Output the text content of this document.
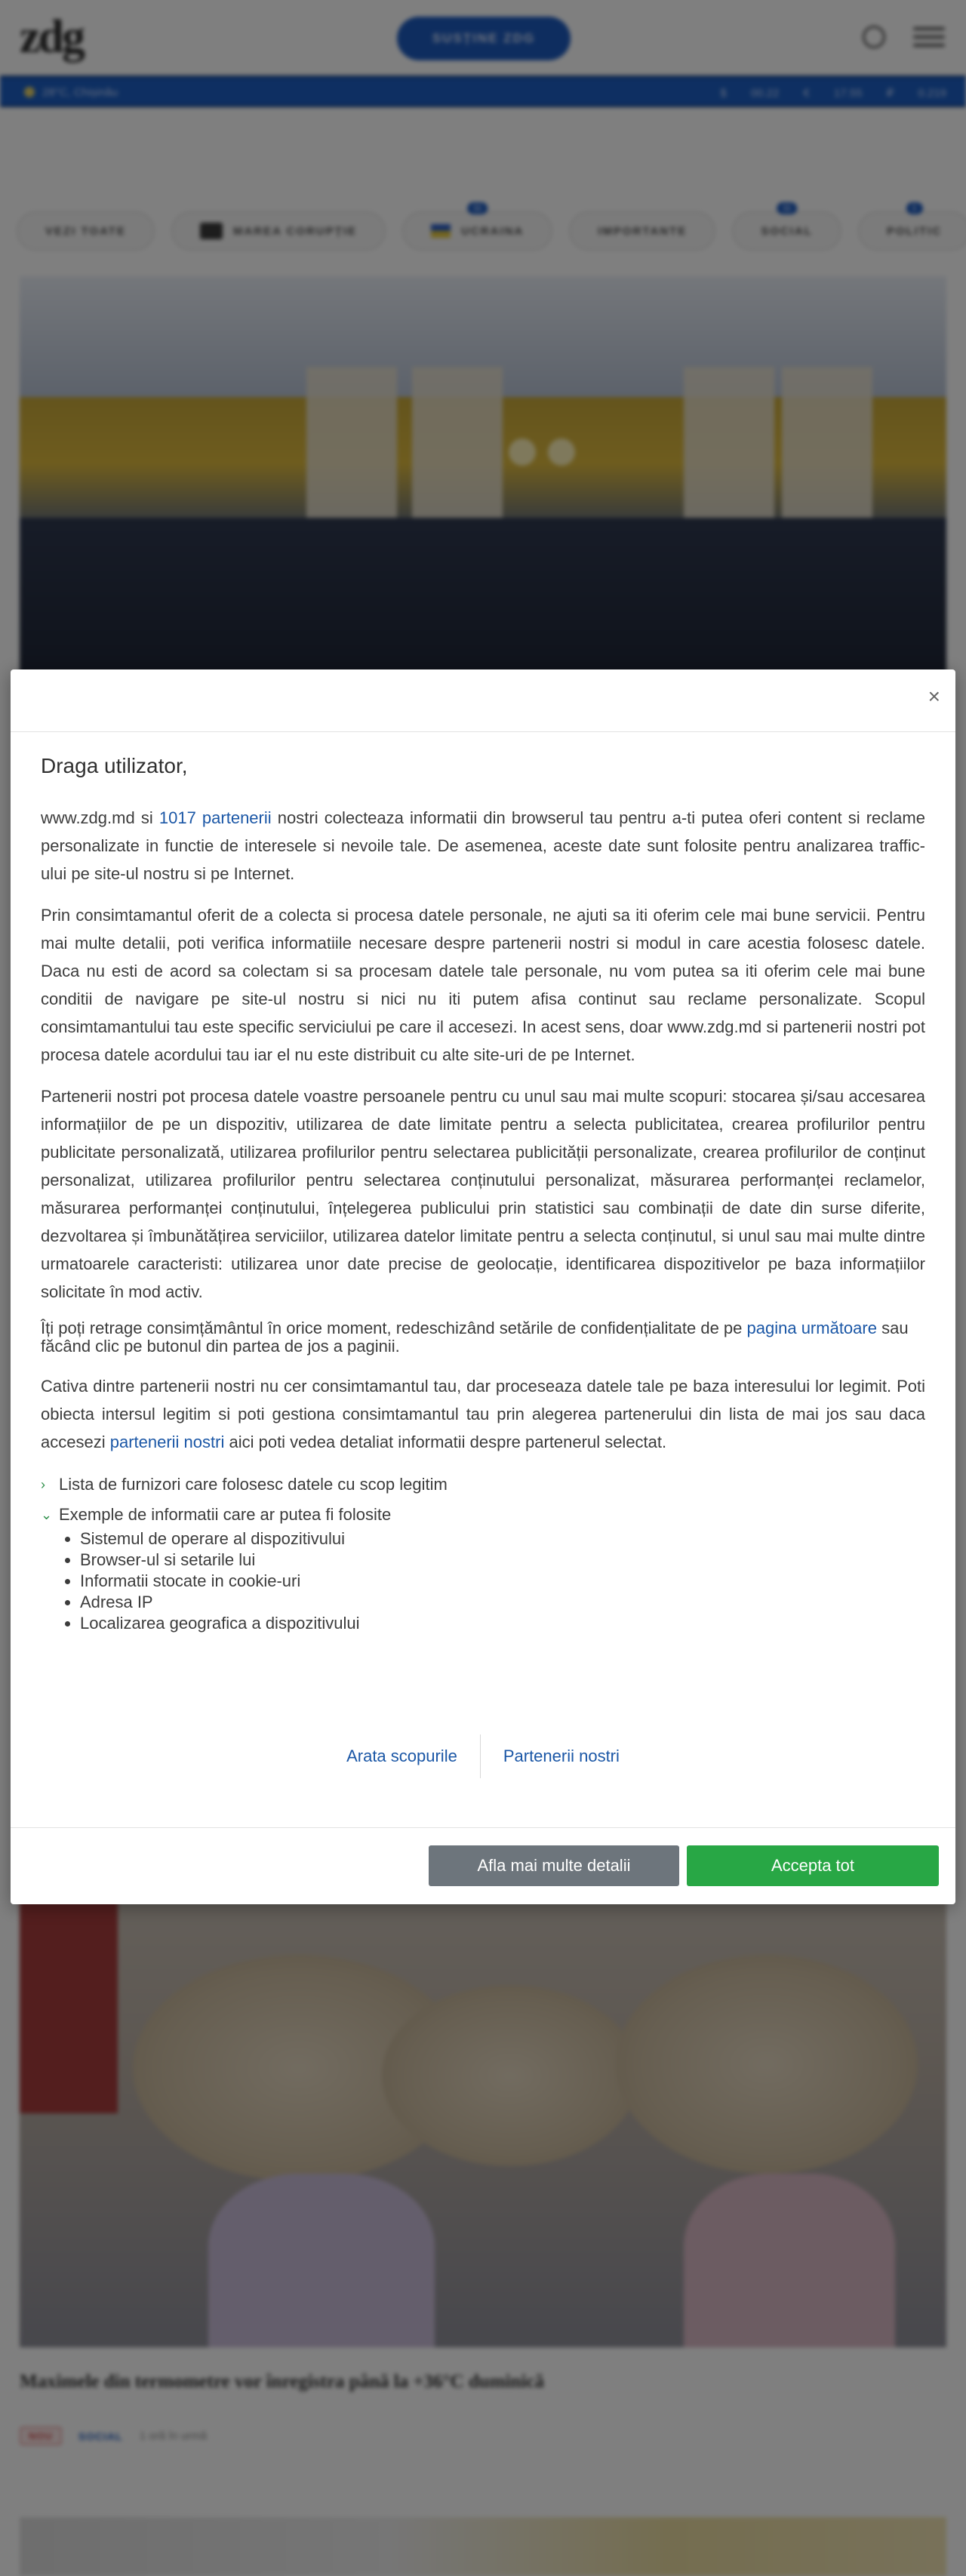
×
Draga utilizator,

www.zdg.md si 1017 partenerii nostri colecteaza informatii din browserul tau pentru a-ti putea oferi content si reclame personalizate in functie de interesele si nevoile tale. De asemenea, aceste date sunt folosite pentru analizarea traffic-ului pe site-ul nostru si pe Internet.

Prin consimtamantul oferit de a colecta si procesa datele personale, ne ajuti sa iti oferim cele mai bune servicii. Pentru mai multe detalii, poti verifica informatiile necesare despre partenerii nostri si modul in care acestia folosesc datele. Daca nu esti de acord sa colectam si sa procesam datele tale personale, nu vom putea sa iti oferim cele mai bune conditii de navigare pe site-ul nostru si nici nu iti putem afisa continut sau reclame personalizate. Scopul consimtamantului tau este specific serviciului pe care il accesezi. In acest sens, doar www.zdg.md si partenerii nostri pot procesa datele acordului tau iar el nu este distribuit cu alte site-uri de pe Internet.

Partenerii nostri pot procesa datele voastre persoanele pentru cu unul sau mai multe scopuri: stocarea și/sau accesarea informațiilor de pe un dispozitiv, utilizarea de date limitate pentru a selecta publicitatea, crearea profilurilor pentru publicitate personalizată, utilizarea profilurilor pentru selectarea publicității personalizate, crearea profilurilor de conținut personalizat, utilizarea profilurilor pentru selectarea conținutului personalizat, măsurarea performanței reclamelor, măsurarea performanței conținutului, înțelegerea publicului prin statistici sau combinații de date din surse diferite, dezvoltarea și îmbunătățirea serviciilor, utilizarea datelor limitate pentru a selecta conținutul, si unul sau mai multe dintre urmatoarele caracteristi: utilizarea unor date precise de geolocație, identificarea dispozitivelor pe baza informațiilor solicitate în mod activ.

Îți poți retrage consimțământul în orice moment, redeschizând setările de confidențialitate de pe pagina următoare sau făcând clic pe butonul din partea de jos a paginii.

Cativa dintre partenerii nostri nu cer consimtamantul tau, dar proceseaza datele tale pe baza interesului lor legimit. Poti obiecta intersul legitim si poti gestiona consimtamantul tau prin alegerea partenerului din lista de mai jos sau daca accesezi partenerii nostri aici poti vedea detaliat informatii despre partenerul selectat.

› Lista de furnizori care folosesc datele cu scop legitim
⌄ Exemple de informatii care ar putea fi folosite
• Sistemul de operare al dispozitivului
• Browser-ul si setarile lui
• Informatii stocate in cookie-uri
• Adresa IP
• Localizarea geografica a dispozitivului
Arata scopurile	Partenerii nostri
Afla mai multe detalii	Accepta tot
